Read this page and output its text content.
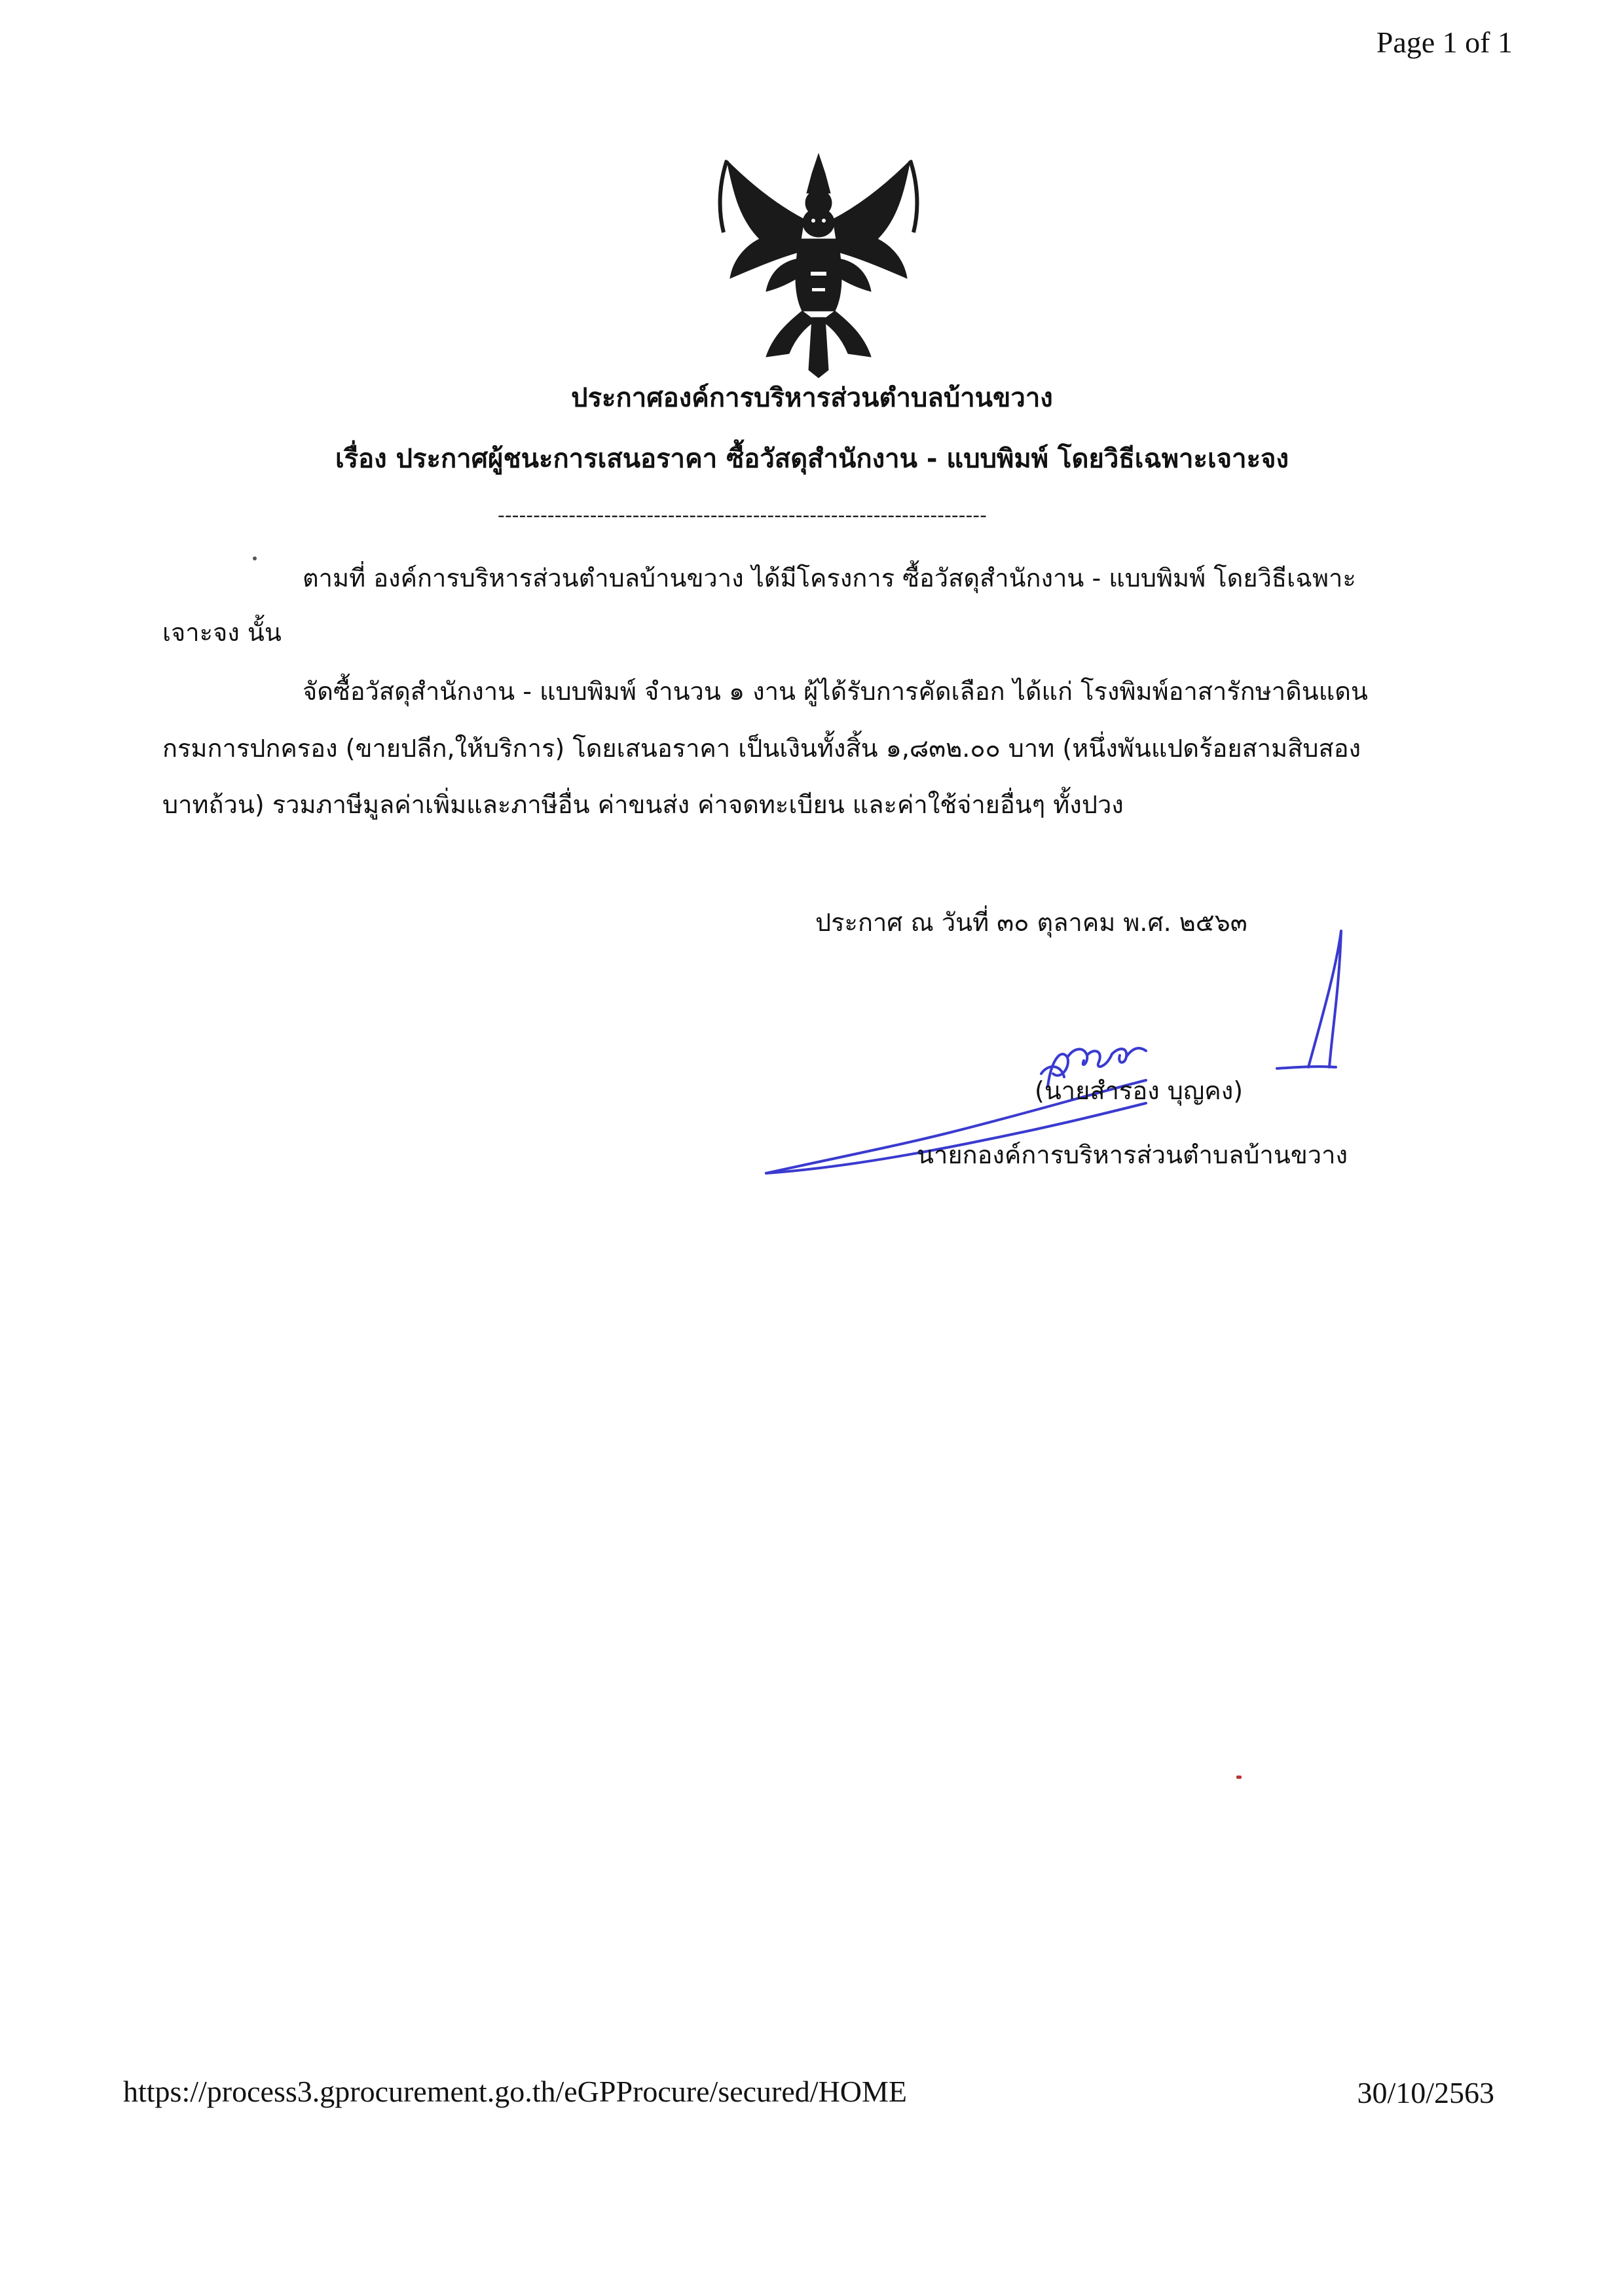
Page 1 of 1
ประกาศองค์การบริหารส่วนตำบลบ้านขวาง
เรื่อง ประกาศผู้ชนะการเสนอราคา ซื้อวัสดุสำนักงาน - แบบพิมพ์ โดยวิธีเฉพาะเจาะจง
---------------------------------------------------------------------
ตามที่ องค์การบริหารส่วนตำบลบ้านขวาง ได้มีโครงการ ซื้อวัสดุสำนักงาน - แบบพิมพ์ โดยวิธีเฉพาะ
เจาะจง นั้น
จัดซื้อวัสดุสำนักงาน - แบบพิมพ์ จำนวน ๑ งาน ผู้ได้รับการคัดเลือก ได้แก่ โรงพิมพ์อาสารักษาดินแดน
กรมการปกครอง (ขายปลีก,ให้บริการ) โดยเสนอราคา เป็นเงินทั้งสิ้น ๑,๘๓๒.๐๐ บาท (หนึ่งพันแปดร้อยสามสิบสอง
บาทถ้วน) รวมภาษีมูลค่าเพิ่มและภาษีอื่น ค่าขนส่ง ค่าจดทะเบียน และค่าใช้จ่ายอื่นๆ ทั้งปวง
ประกาศ ณ วันที่ ๓๐ ตุลาคม พ.ศ. ๒๕๖๓
(นายสำรอง บุญคง)
นายกองค์การบริหารส่วนตำบลบ้านขวาง
https://process3.gprocurement.go.th/eGPProcure/secured/HOME	30/10/2563
